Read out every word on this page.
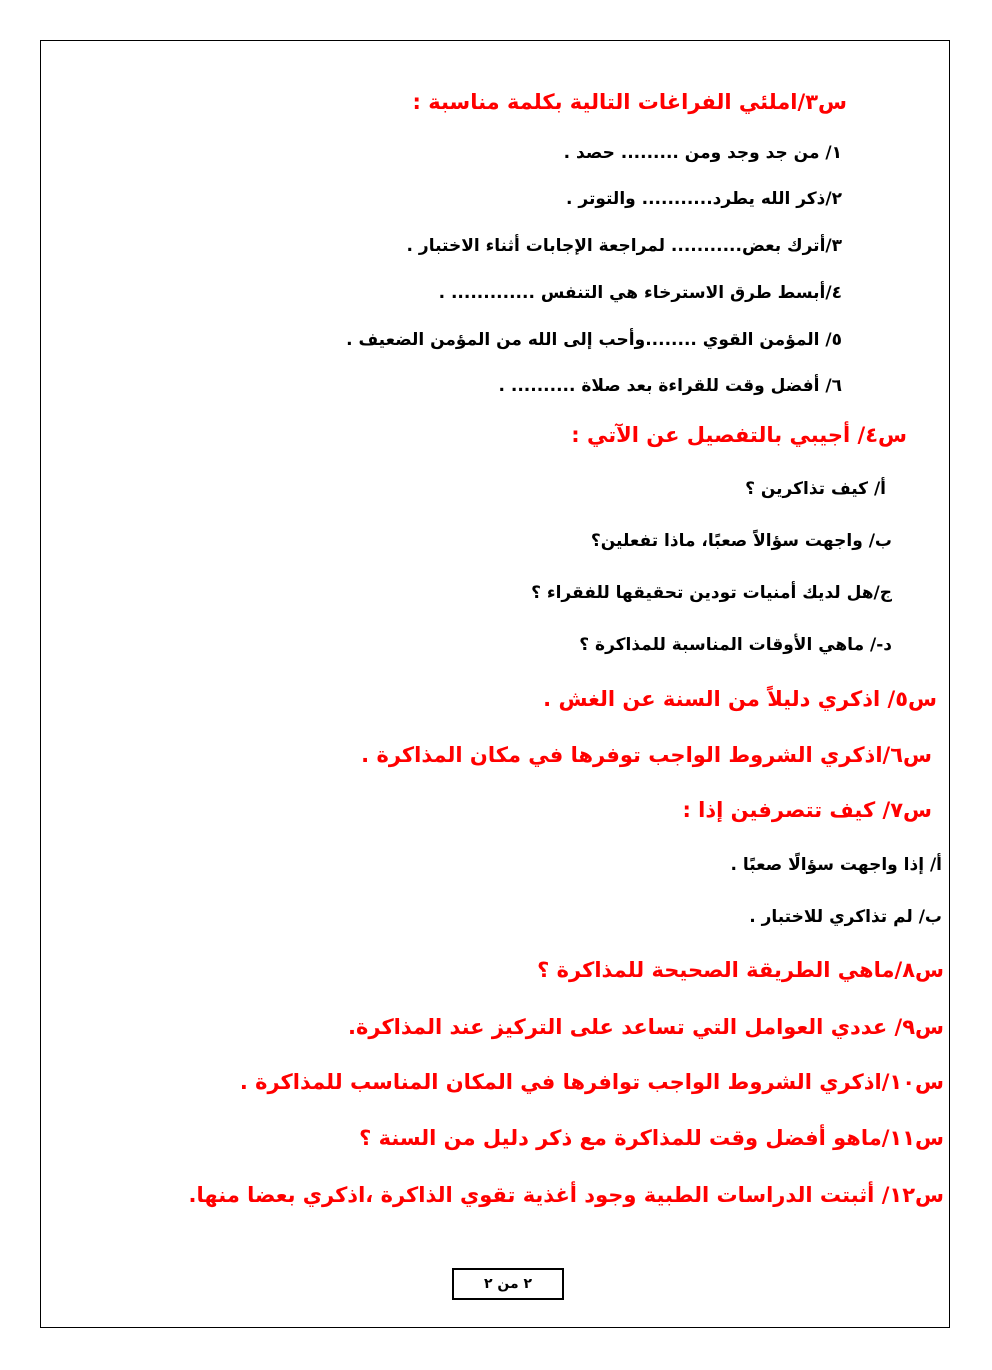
س٣/املئي الفراغات التالية بكلمة مناسبة :

١/ من جد وجد ومن ......... حصد .

٢/ذكر الله يطرد........... والتوتر .

٣/أترك بعض........... لمراجعة الإجابات أثناء الاختبار .

٤/أبسط طرق الاسترخاء هي التنفس ............. .

٥/ المؤمن القوي ........وأحب إلى الله من المؤمن الضعيف .

٦/ أفضل وقت للقراءة بعد صلاة .......... .

س٤/ أجيبي بالتفصيل عن الآتي :

أ/ كيف تذاكرين ؟

ب/ واجهت سؤالاً صعبًا، ماذا تفعلين؟

ج/هل لديك أمنيات تودين تحقيقها للفقراء ؟

د-/ ماهي الأوقات المناسبة للمذاكرة ؟

س٥/ اذكري دليلاً من السنة عن الغش .

س٦/اذكري الشروط الواجب توفرها في مكان المذاكرة .

س٧/ كيف تتصرفين إذا :

أ/ إذا واجهت سؤالًا صعبًا .

ب/ لم تذاكري للاختبار .

س٨/ماهي الطريقة الصحيحة للمذاكرة ؟

س٩/ عددي العوامل التي تساعد على التركيز عند المذاكرة.

س١٠/اذكري الشروط الواجب توافرها في المكان المناسب للمذاكرة .

س١١/ماهو أفضل وقت للمذاكرة مع ذكر دليل من السنة ؟

س١٢/ أثبتت الدراسات الطبية وجود أغذية تقوي الذاكرة ،اذكري بعضا منها.

٢ من ٢
